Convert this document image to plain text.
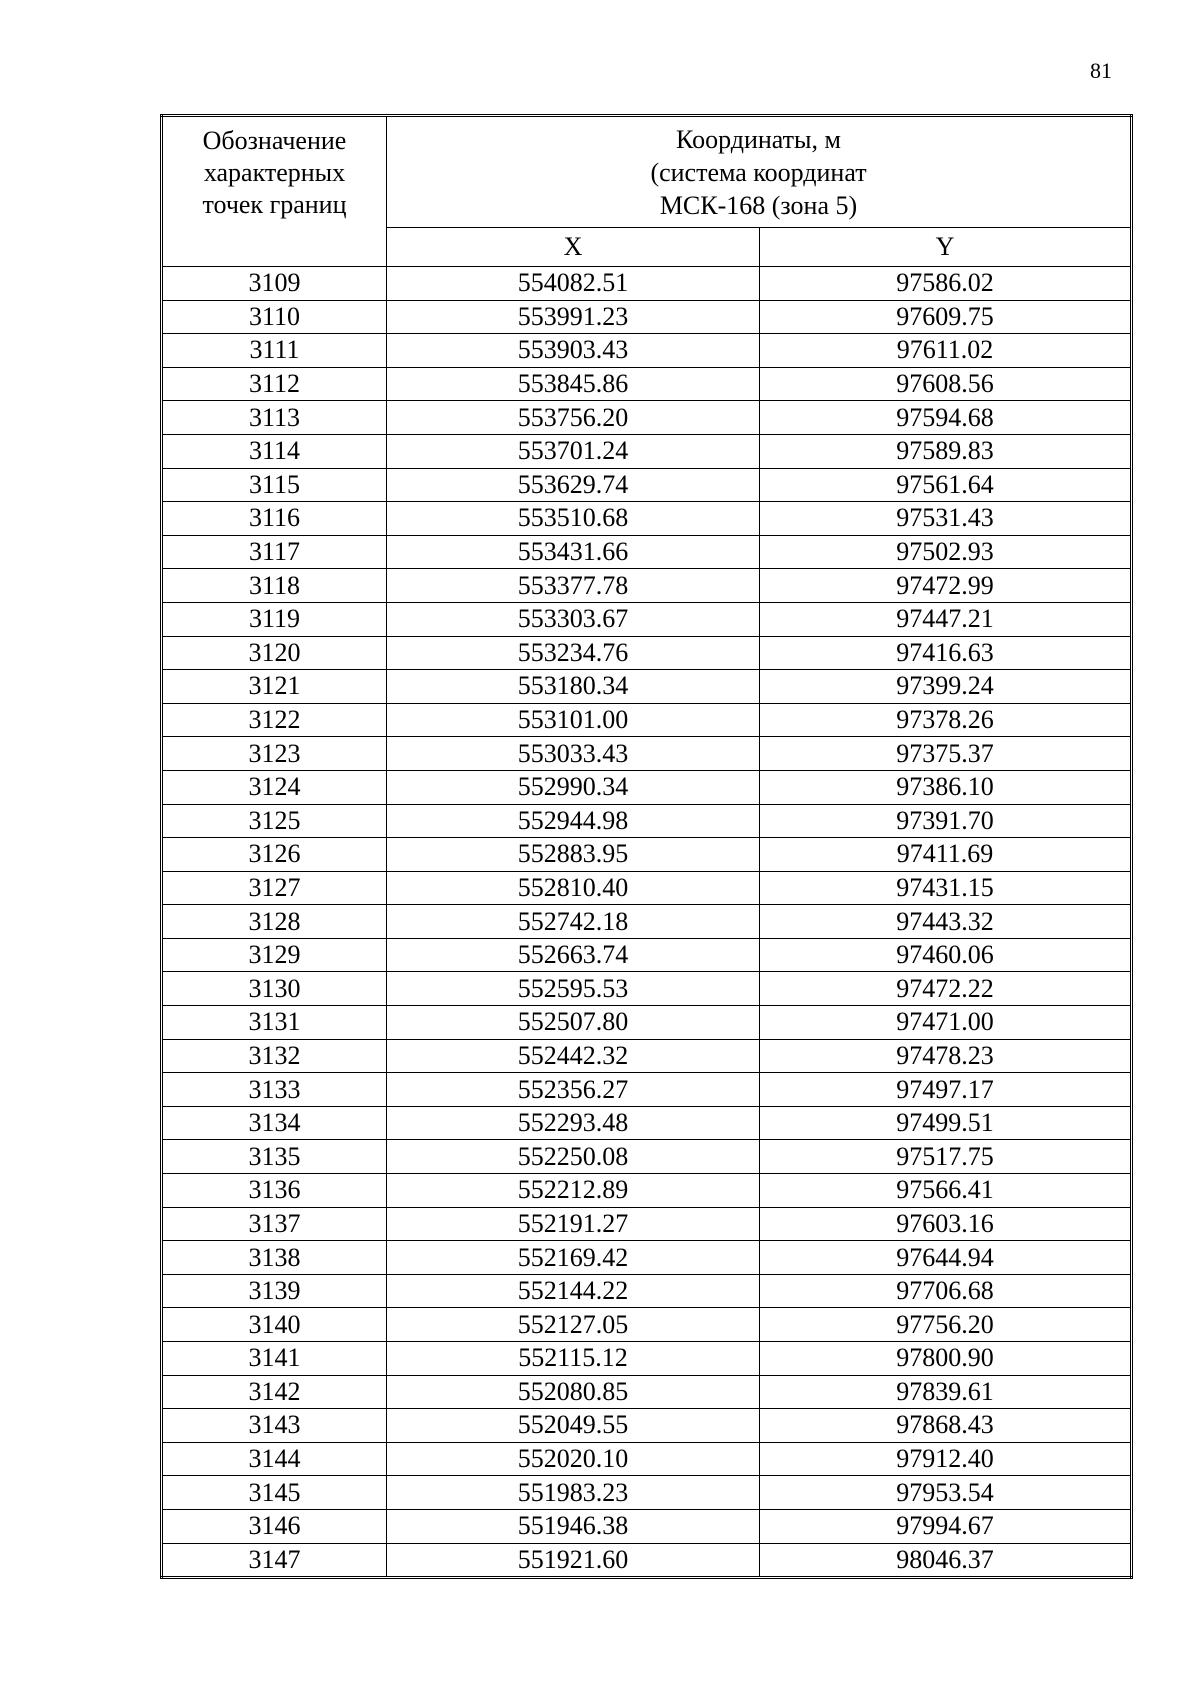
81
Обозначение
характерных
точек границ	Координаты, м
(система координат
МСК-168 (зона 5)	
	X	Y
3109	554082.51	97586.02
3110	553991.23	97609.75
3111	553903.43	97611.02
3112	553845.86	97608.56
3113	553756.20	97594.68
3114	553701.24	97589.83
3115	553629.74	97561.64
3116	553510.68	97531.43
3117	553431.66	97502.93
3118	553377.78	97472.99
3119	553303.67	97447.21
3120	553234.76	97416.63
3121	553180.34	97399.24
3122	553101.00	97378.26
3123	553033.43	97375.37
3124	552990.34	97386.10
3125	552944.98	97391.70
3126	552883.95	97411.69
3127	552810.40	97431.15
3128	552742.18	97443.32
3129	552663.74	97460.06
3130	552595.53	97472.22
3131	552507.80	97471.00
3132	552442.32	97478.23
3133	552356.27	97497.17
3134	552293.48	97499.51
3135	552250.08	97517.75
3136	552212.89	97566.41
3137	552191.27	97603.16
3138	552169.42	97644.94
3139	552144.22	97706.68
3140	552127.05	97756.20
3141	552115.12	97800.90
3142	552080.85	97839.61
3143	552049.55	97868.43
3144	552020.10	97912.40
3145	551983.23	97953.54
3146	551946.38	97994.67
3147	551921.60	98046.37
